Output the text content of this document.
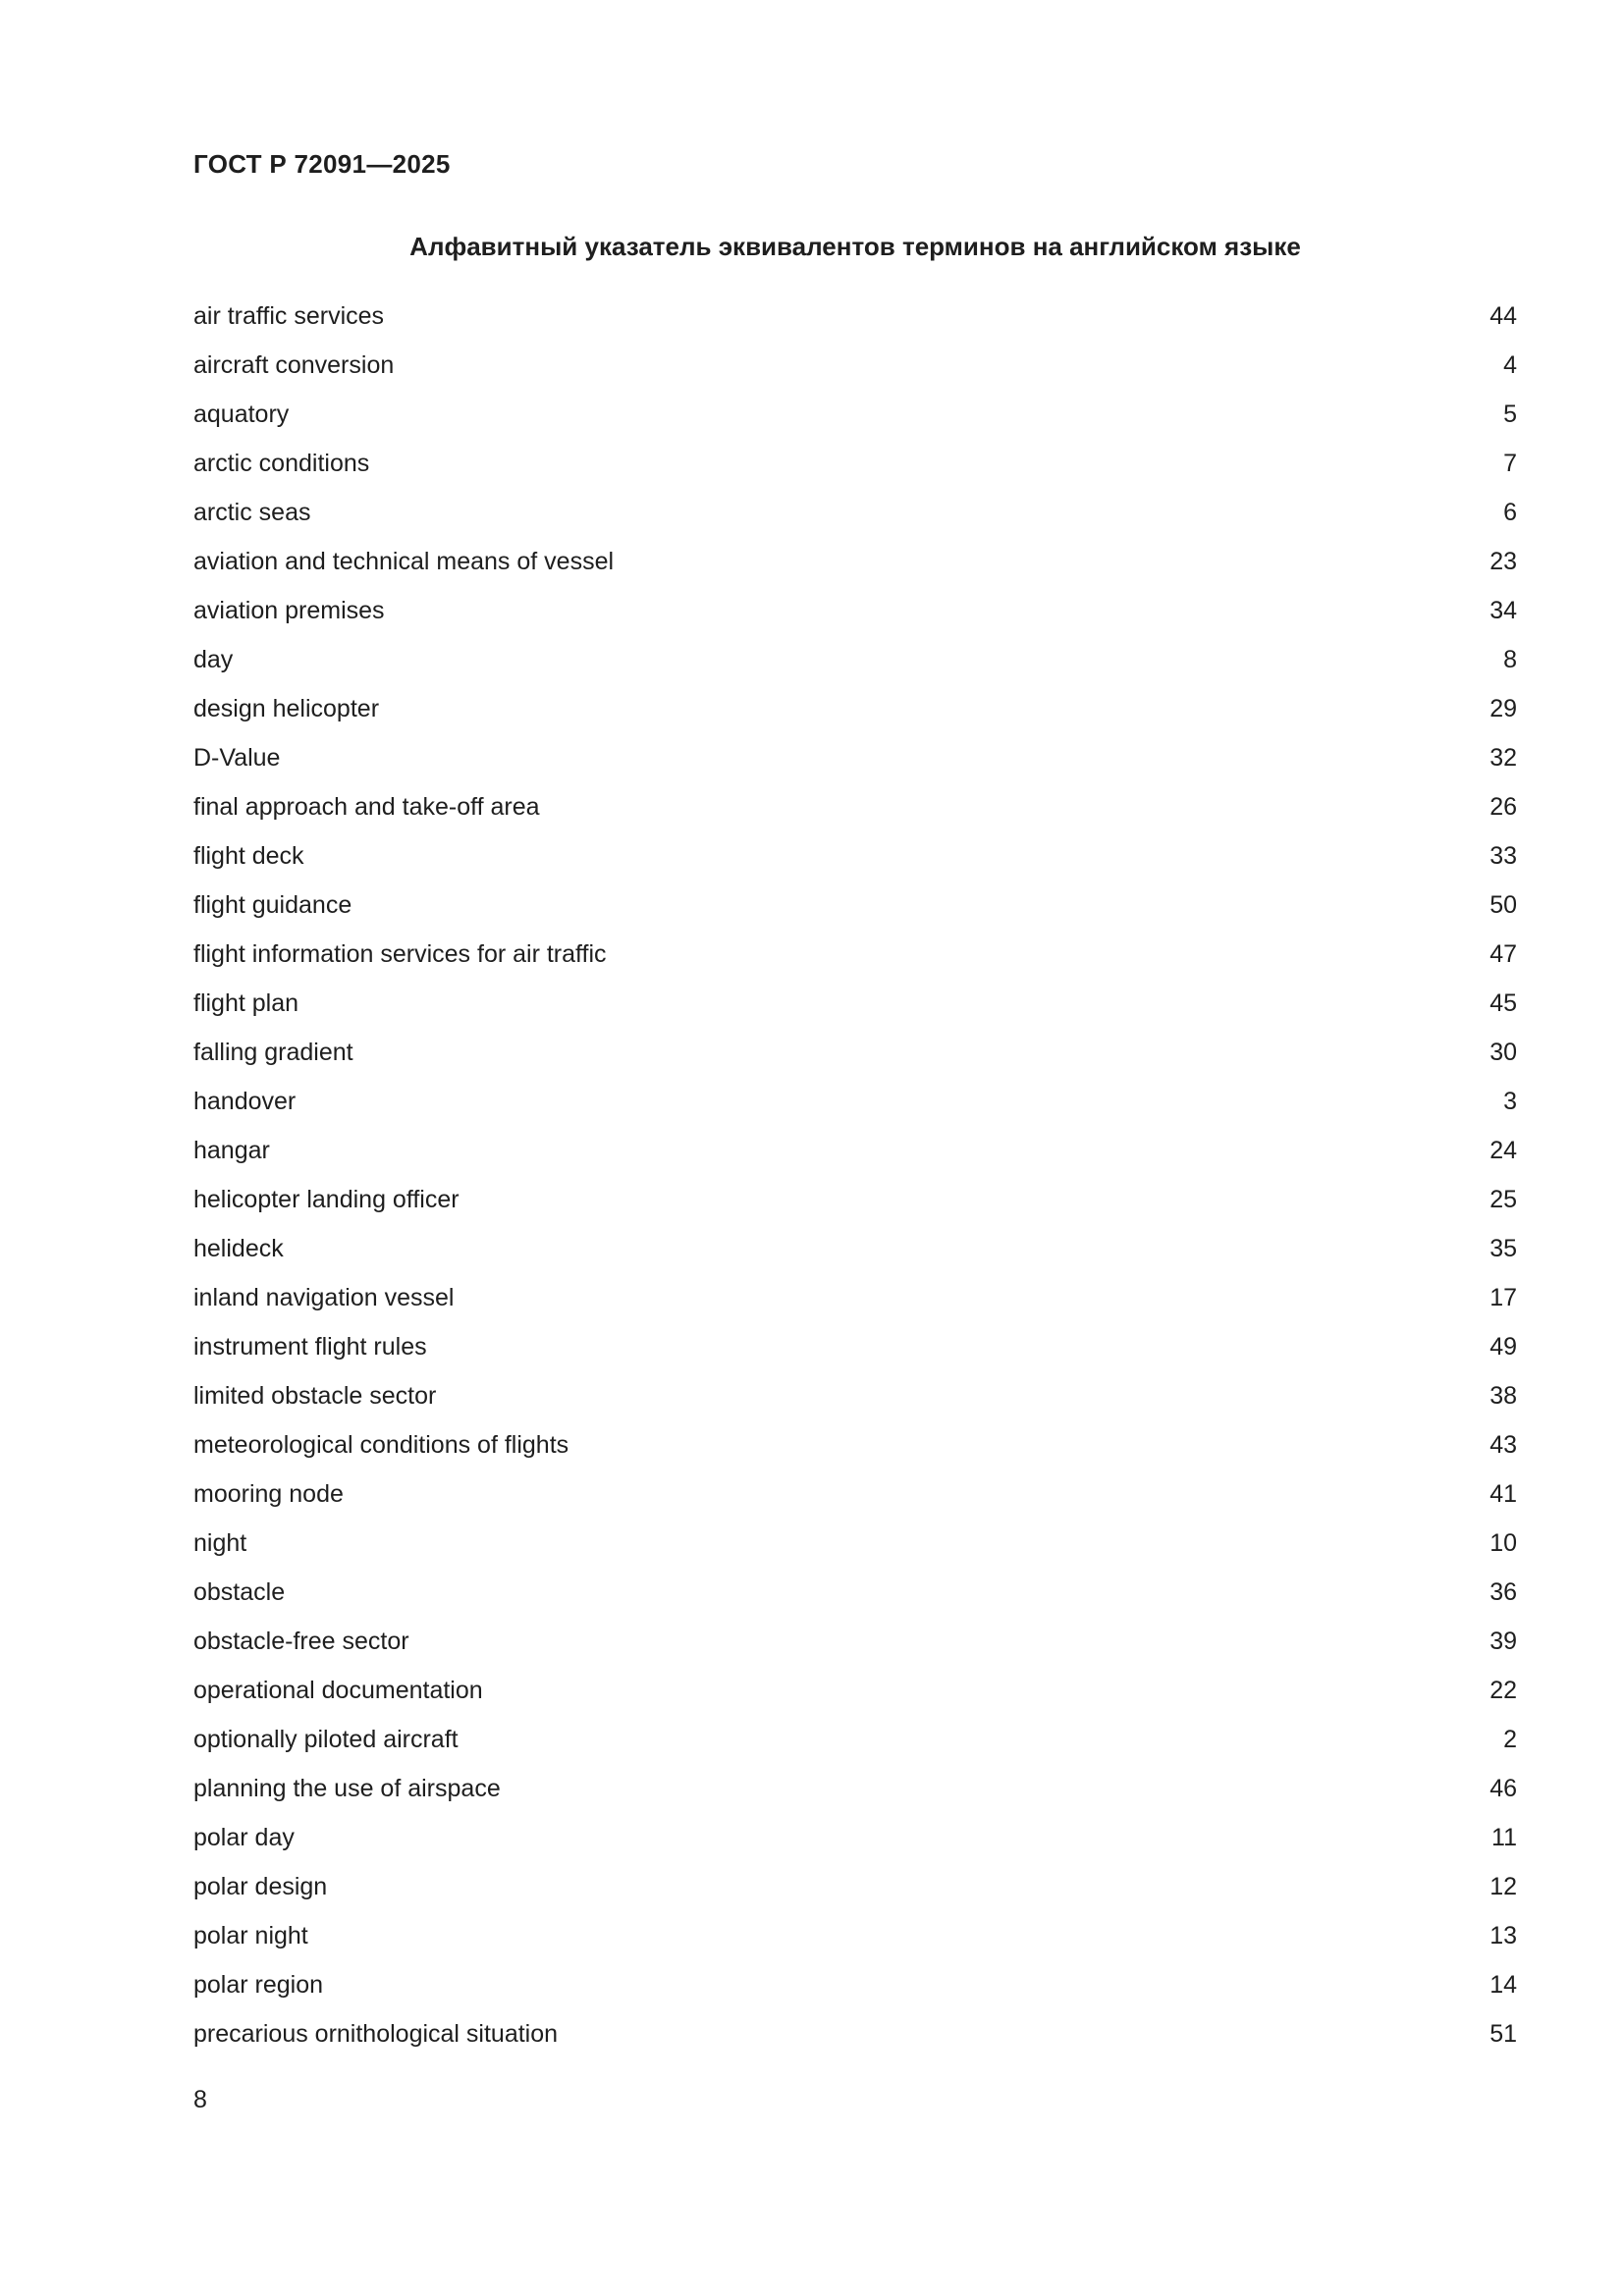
ГОСТ Р 72091—2025
Алфавитный указатель эквивалентов терминов на английском языке
air traffic services	44
aircraft conversion	4
aquatory	5
arctic conditions	7
arctic seas	6
aviation and technical means of vessel	23
aviation premises	34
day	8
design helicopter	29
D-Value	32
final approach and take-off area	26
flight deck	33
flight guidance	50
flight information services for air traffic	47
flight plan	45
falling gradient	30
handover	3
hangar	24
helicopter landing officer	25
helideck	35
inland navigation vessel	17
instrument flight rules	49
limited obstacle sector	38
meteorological conditions of flights	43
mooring node	41
night	10
obstacle	36
obstacle-free sector	39
operational documentation	22
optionally piloted aircraft	2
planning the use of airspace	46
polar day	11
polar design	12
polar night	13
polar region	14
precarious ornithological situation	51
8
